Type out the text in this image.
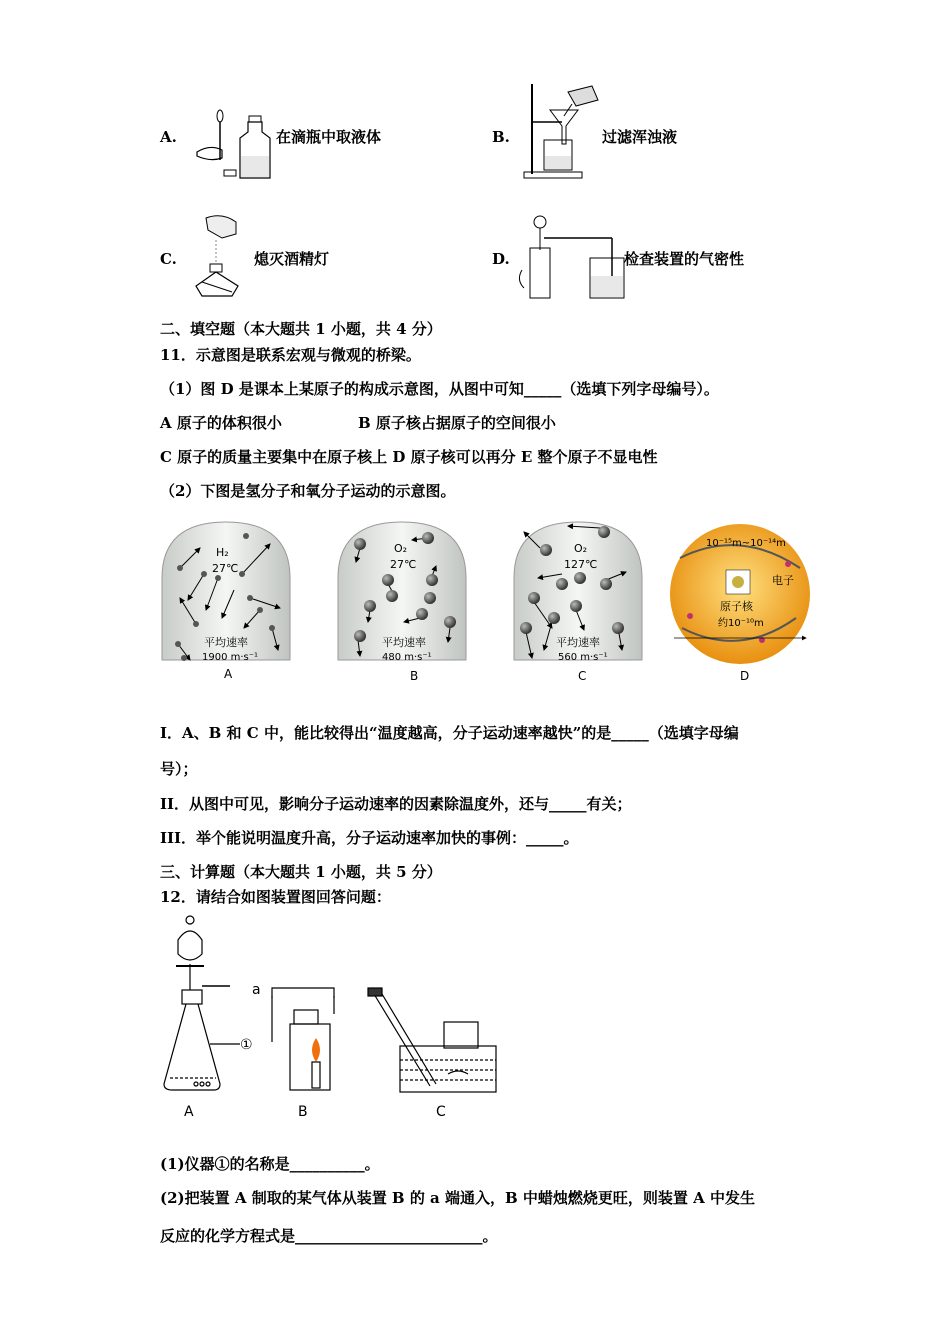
A.	在滴瓶中取液体	B.	过滤浑浊液
C.	熄灭酒精灯	D.	检查装置的气密性
二、填空题（本大题共 1 小题，共 4 分）
11．示意图是联系宏观与微观的桥梁。
（1）图 D 是课本上某原子的构成示意图，从图中可知_____（选填下列字母编号）。
A 原子的体积很小	B 原子核占据原子的空间很小
C 原子的质量主要集中在原子核上 D 原子核可以再分 E 整个原子不显电性
（2）下图是氢分子和氧分子运动的示意图。
H₂
27℃
平均速率
1900 m·s⁻¹
A
O₂
27℃
平均速率
480 m·s⁻¹
B
O₂
127℃
平均速率
560 m·s⁻¹
C
10⁻¹⁵m~10⁻¹⁴m
电子
原子核
约10⁻¹⁰m
D
I．A、B 和 C 中，能比较得出“温度越高，分子运动速率越快”的是_____（选填字母编
号）；
II．从图中可见，影响分子运动速率的因素除温度外，还与_____有关；
III．举个能说明温度升高，分子运动速率加快的事例：_____。
三、计算题（本大题共 1 小题，共 5 分）
12．请结合如图装置图回答问题：
①
A
a
B	C
(1)仪器①的名称是__________。
(2)把装置 A 制取的某气体从装置 B 的 a 端通入，B 中蜡烛燃烧更旺，则装置 A 中发生
反应的化学方程式是_________________________。
